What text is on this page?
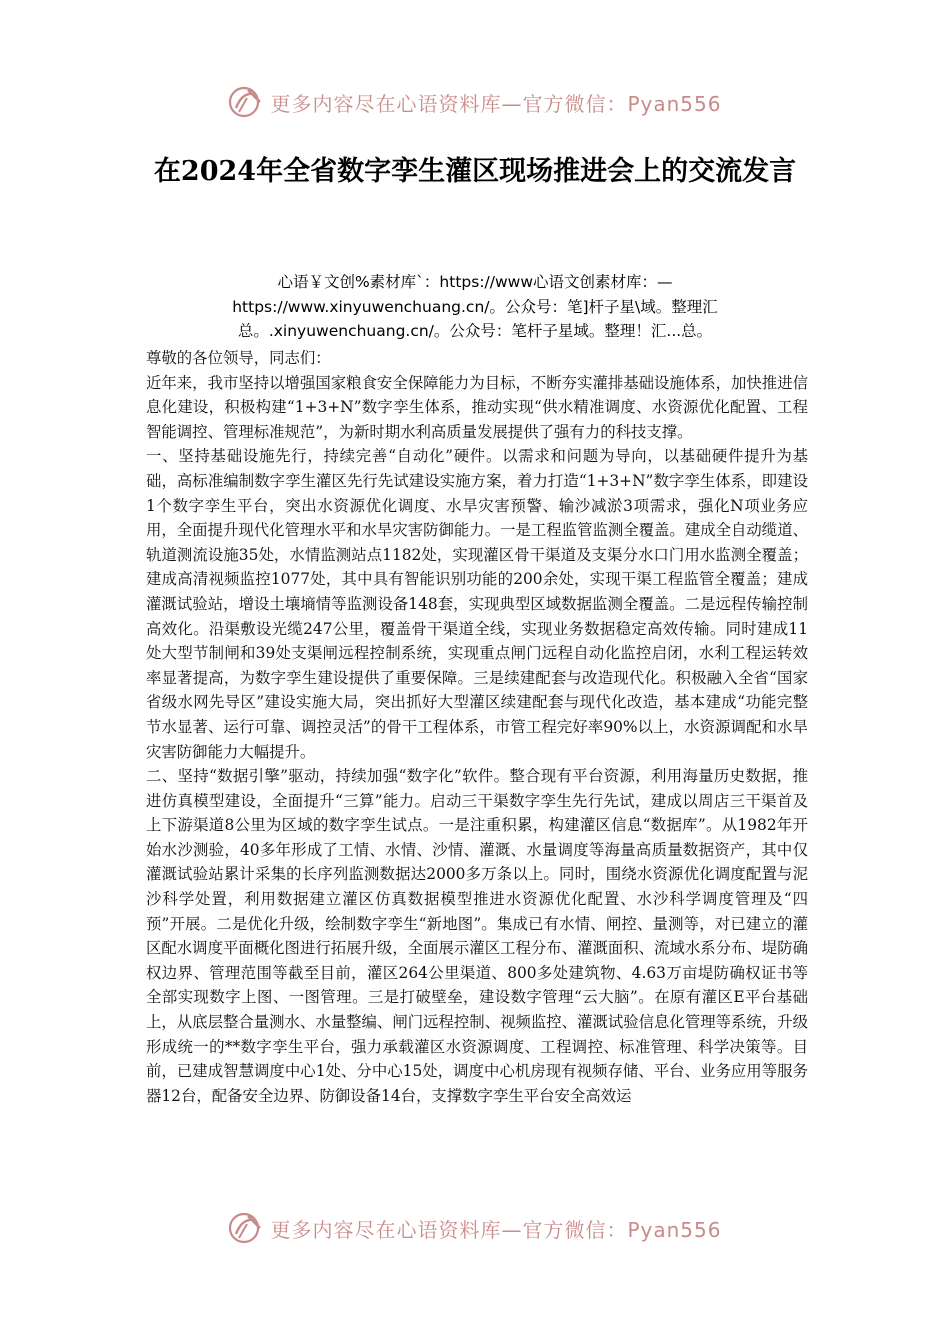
更多内容尽在心语资料库—官方微信：Pyan556
在2024年全省数字孪生灌区现场推进会上的交流发言
心语￥文创%素材库`：https://www心语文创素材库：—https://www.xinyuwenchuang.cn/。公众号：笔]杆子星\域。整理汇总。.xinyuwenchuang.cn/。公众号：笔杆子星域。整理！汇...总。

尊敬的各位领导，同志们：

近年来，我市坚持以增强国家粮食安全保障能力为目标，不断夯实灌排基础设施体系，加快推进信息化建设，积极构建“1+3+N”数字孪生体系，推动实现“供水精准调度、水资源优化配置、工程智能调控、管理标准规范”，为新时期水利高质量发展提供了强有力的科技支撑。

一、坚持基础设施先行，持续完善“自动化”硬件。以需求和问题为导向，以基础硬件提升为基础，高标准编制数字孪生灌区先行先试建设实施方案，着力打造“1+3+N”数字孪生体系，即建设1个数字孪生平台，突出水资源优化调度、水旱灾害预警、输沙减淤3项需求，强化N项业务应用，全面提升现代化管理水平和水旱灾害防御能力。一是工程监管监测全覆盖。建成全自动缆道、轨道测流设施35处，水情监测站点1182处，实现灌区骨干渠道及支渠分水口门用水监测全覆盖；建成高清视频监控1077处，其中具有智能识别功能的200余处，实现干渠工程监管全覆盖；建成灌溉试验站，增设土壤墒情等监测设备148套，实现典型区域数据监测全覆盖。二是远程传输控制高效化。沿渠敷设光缆247公里，覆盖骨干渠道全线，实现业务数据稳定高效传输。同时建成11处大型节制闸和39处支渠闸远程控制系统，实现重点闸门远程自动化监控启闭，水利工程运转效率显著提高，为数字孪生建设提供了重要保障。三是续建配套与改造现代化。积极融入全省“国家省级水网先导区”建设实施大局，突出抓好大型灌区续建配套与现代化改造，基本建成“功能完整节水显著、运行可靠、调控灵活”的骨干工程体系，市管工程完好率90%以上，水资源调配和水旱灾害防御能力大幅提升。

二、坚持“数据引擎”驱动，持续加强“数字化”软件。整合现有平台资源，利用海量历史数据，推进仿真模型建设，全面提升“三算”能力。启动三干渠数字孪生先行先试，建成以周店三干渠首及上下游渠道8公里为区域的数字孪生试点。一是注重积累，构建灌区信息“数据库”。从1982年开始水沙测验，40多年形成了工情、水情、沙情、灌溉、水量调度等海量高质量数据资产，其中仅灌溉试验站累计采集的长序列监测数据达2000多万条以上。同时，围绕水资源优化调度配置与泥沙科学处置，利用数据建立灌区仿真数据模型推进水资源优化配置、水沙科学调度管理及“四预”开展。二是优化升级，绘制数字孪生“新地图”。集成已有水情、闸控、量测等，对已建立的灌区配水调度平面概化图进行拓展升级，全面展示灌区工程分布、灌溉面积、流域水系分布、堤防确权边界、管理范围等截至目前，灌区264公里渠道、800多处建筑物、4.63万亩堤防确权证书等全部实现数字上图、一图管理。三是打破壁垒，建设数字管理“云大脑”。在原有灌区E平台基础上，从底层整合量测水、水量整编、闸门远程控制、视频监控、灌溉试验信息化管理等系统，升级形成统一的**数字孪生平台，强力承载灌区水资源调度、工程调控、标准管理、科学决策等。目前，已建成智慧调度中心1处、分中心15处，调度中心机房现有视频存储、平台、业务应用等服务器12台，配备安全边界、防御设备14台，支撑数字孪生平台安全高效运

更多内容尽在心语资料库—官方微信：Pyan556
